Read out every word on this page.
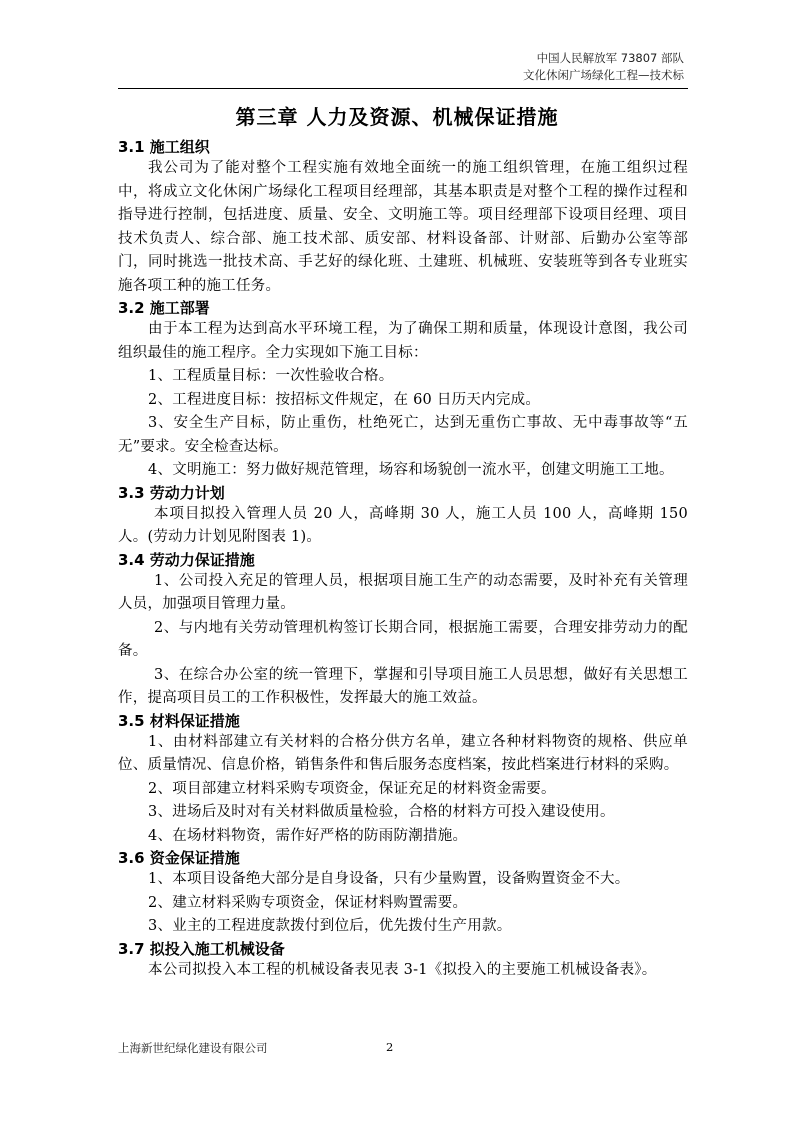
中国人民解放军 73807 部队
文化休闲广场绿化工程—技术标
第三章 人力及资源、机械保证措施
3.1 施工组织

我公司为了能对整个工程实施有效地全面统一的施工组织管理，在施工组织过程中，将成立文化休闲广场绿化工程项目经理部，其基本职责是对整个工程的操作过程和指导进行控制，包括进度、质量、安全、文明施工等。项目经理部下设项目经理、项目技术负责人、综合部、施工技术部、质安部、材料设备部、计财部、后勤办公室等部门，同时挑选一批技术高、手艺好的绿化班、土建班、机械班、安装班等到各专业班实施各项工种的施工任务。

3.2 施工部署

由于本工程为达到高水平环境工程，为了确保工期和质量，体现设计意图，我公司组织最佳的施工程序。全力实现如下施工目标：

1、工程质量目标：一次性验收合格。

2、工程进度目标：按招标文件规定，在 60 日历天内完成。

3、安全生产目标，防止重伤，杜绝死亡，达到无重伤亡事故、无中毒事故等“五无”要求。安全检查达标。

4、文明施工：努力做好规范管理，场容和场貌创一流水平，创建文明施工工地。

3.3 劳动力计划

本项目拟投入管理人员 20 人，高峰期 30 人，施工人员 100 人，高峰期 150 人。(劳动力计划见附图表 1)。

3.4 劳动力保证措施

1、公司投入充足的管理人员，根据项目施工生产的动态需要，及时补充有关管理人员，加强项目管理力量。

2、与内地有关劳动管理机构签订长期合同，根据施工需要，合理安排劳动力的配备。

3、在综合办公室的统一管理下，掌握和引导项目施工人员思想，做好有关思想工作，提高项目员工的工作积极性，发挥最大的施工效益。

3.5 材料保证措施

1、由材料部建立有关材料的合格分供方名单，建立各种材料物资的规格、供应单位、质量情况、信息价格，销售条件和售后服务态度档案，按此档案进行材料的采购。

2、项目部建立材料采购专项资金，保证充足的材料资金需要。

3、进场后及时对有关材料做质量检验，合格的材料方可投入建设使用。

4、在场材料物资，需作好严格的防雨防潮措施。

3.6 资金保证措施

1、本项目设备绝大部分是自身设备，只有少量购置，设备购置资金不大。

2、建立材料采购专项资金，保证材料购置需要。

3、业主的工程进度款拨付到位后，优先拨付生产用款。

3.7 拟投入施工机械设备

本公司拟投入本工程的机械设备表见表 3-1《拟投入的主要施工机械设备表》。

上海新世纪绿化建设有限公司	2
